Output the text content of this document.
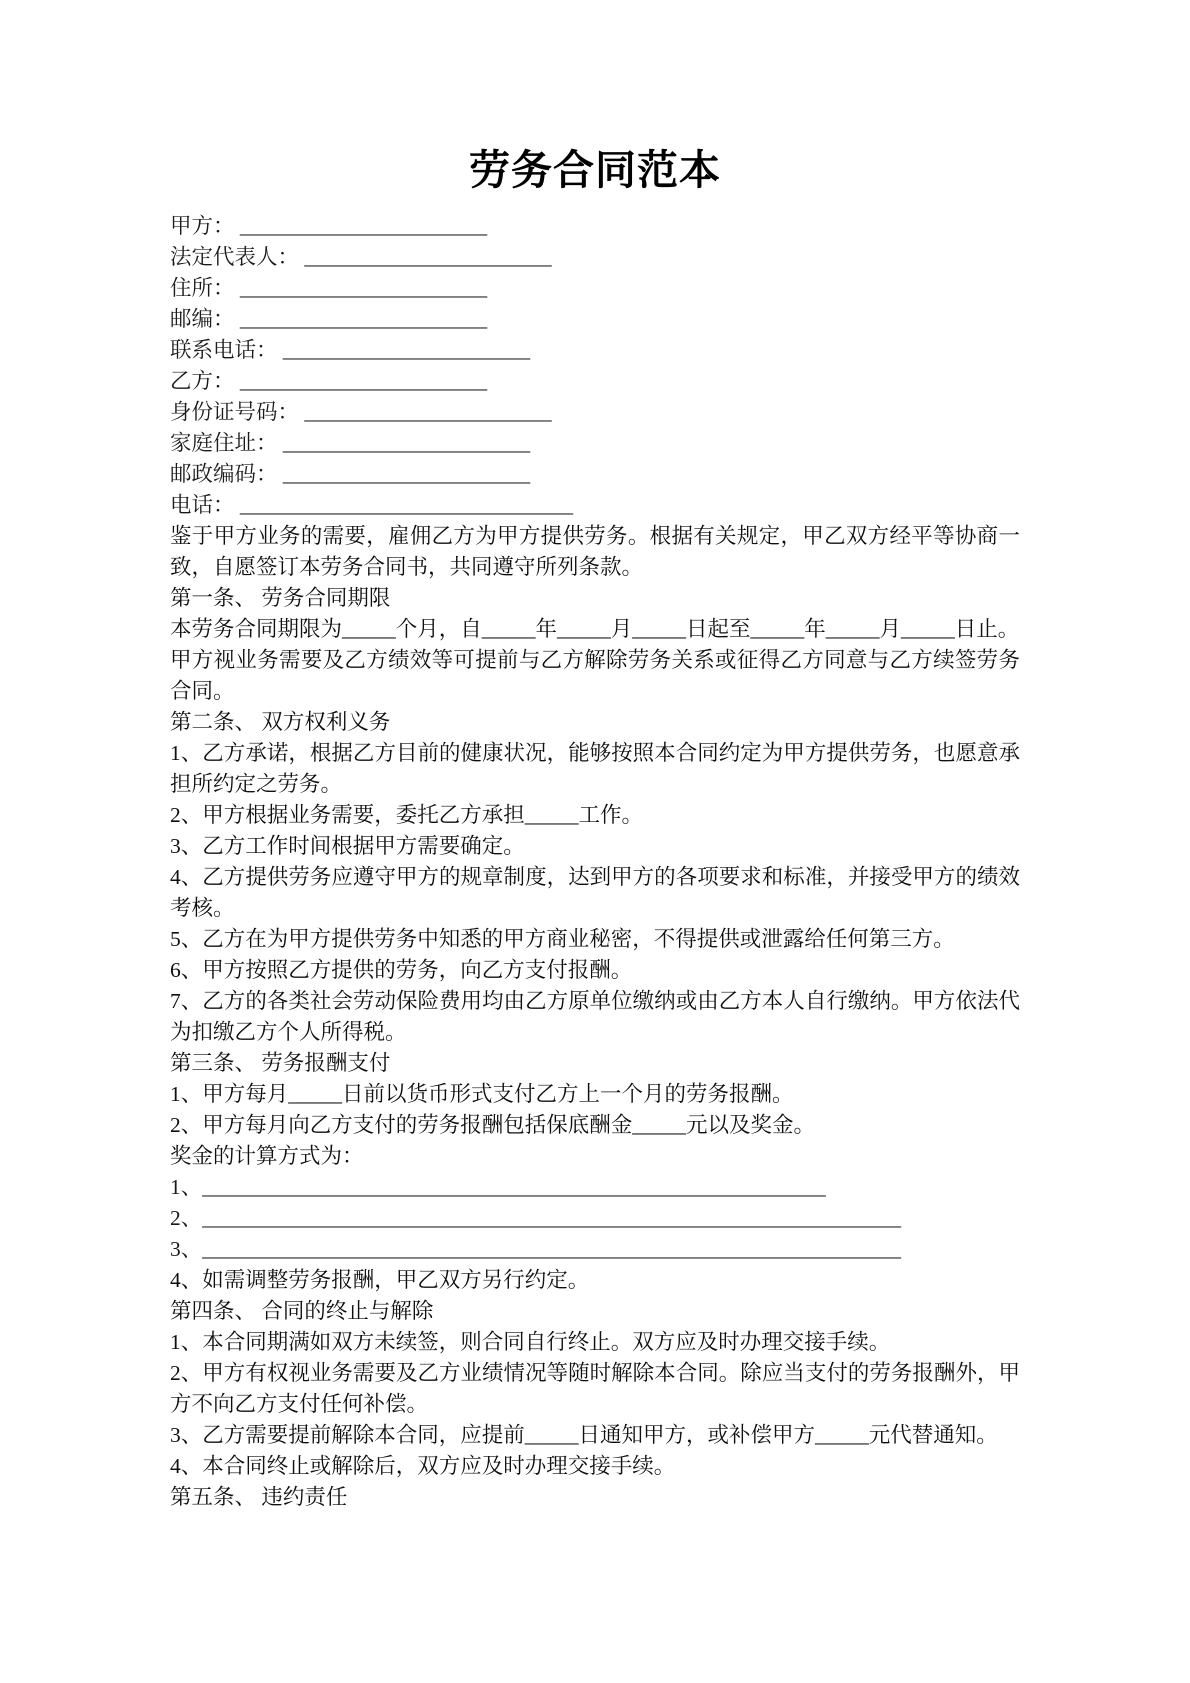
劳务合同范本

甲方： _______________________

法定代表人： _______________________

住所： _______________________

邮编： _______________________

联系电话： _______________________

乙方： _______________________

身份证号码： _______________________

家庭住址： _______________________

邮政编码： _______________________

电话： _______________________________

鉴于甲方业务的需要，雇佣乙方为甲方提供劳务。根据有关规定，甲乙双方经平等协商一致，自愿签订本劳务合同书，共同遵守所列条款。

第一条、 劳务合同期限

本劳务合同期限为_____个月，自_____年_____月_____日起至_____年_____月_____日止。

甲方视业务需要及乙方绩效等可提前与乙方解除劳务关系或征得乙方同意与乙方续签劳务合同。

第二条、 双方权利义务

1、乙方承诺，根据乙方目前的健康状况，能够按照本合同约定为甲方提供劳务，也愿意承担所约定之劳务。

2、甲方根据业务需要，委托乙方承担_____工作。

3、乙方工作时间根据甲方需要确定。

4、乙方提供劳务应遵守甲方的规章制度，达到甲方的各项要求和标准，并接受甲方的绩效考核。

5、乙方在为甲方提供劳务中知悉的甲方商业秘密，不得提供或泄露给任何第三方。

6、甲方按照乙方提供的劳务，向乙方支付报酬。

7、乙方的各类社会劳动保险费用均由乙方原单位缴纳或由乙方本人自行缴纳。甲方依法代为扣缴乙方个人所得税。

第三条、 劳务报酬支付

1、甲方每月_____日前以货币形式支付乙方上一个月的劳务报酬。

2、甲方每月向乙方支付的劳务报酬包括保底酬金_____元以及奖金。

奖金的计算方式为：

1、__________________________________________________________

2、_________________________________________________________________

3、_________________________________________________________________

4、如需调整劳务报酬，甲乙双方另行约定。

第四条、 合同的终止与解除

1、本合同期满如双方未续签，则合同自行终止。双方应及时办理交接手续。

2、甲方有权视业务需要及乙方业绩情况等随时解除本合同。除应当支付的劳务报酬外，甲方不向乙方支付任何补偿。

3、乙方需要提前解除本合同，应提前_____日通知甲方，或补偿甲方_____元代替通知。

4、本合同终止或解除后，双方应及时办理交接手续。

第五条、 违约责任
